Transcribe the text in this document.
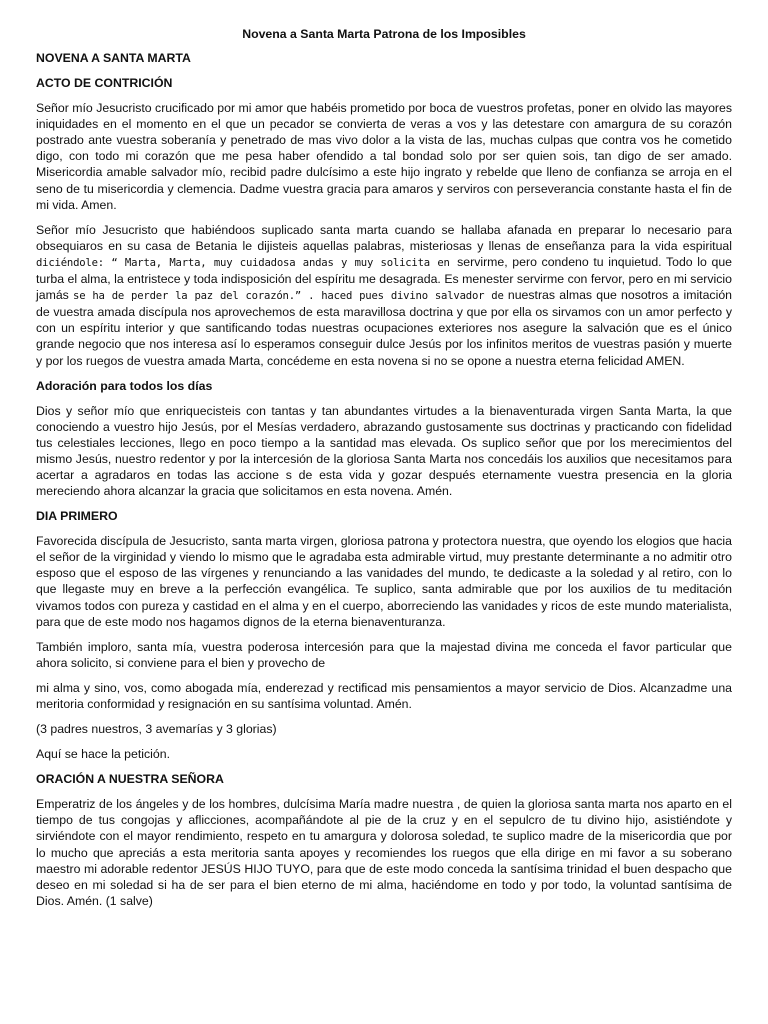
Novena a Santa Marta Patrona de los Imposibles
NOVENA A SANTA MARTA
ACTO DE CONTRICIÓN

Señor mío Jesucristo crucificado por mi amor que habéis prometido por boca de vuestros profetas, poner en olvido las mayores iniquidades en el momento en el que un pecador se convierta de veras a vos y las detestare con amargura de su corazón postrado ante vuestra soberanía y penetrado de mas vivo dolor a la vista de las, muchas culpas que contra vos he cometido digo, con todo mi corazón que me pesa haber ofendido a tal bondad solo por ser quien sois, tan digo de ser amado. Misericordia amable salvador mío, recibid padre dulcísimo a este hijo ingrato y rebelde que lleno de confianza se arroja en el seno de tu misericordia y clemencia. Dadme vuestra gracia para amaros y serviros con perseverancia constante hasta el fin de mi vida. Amen.

Señor mío Jesucristo que habiéndoos suplicado santa marta cuando se hallaba afanada en preparar lo necesario para obsequiaros en su casa de Betania le dijisteis aquellas palabras, misteriosas y llenas de enseñanza para la vida espiritual diciéndole: “ Marta, Marta, muy cuidadosa andas y muy solicita en servirme, pero condeno tu inquietud. Todo lo que turba el alma, la entristece y toda indisposición del espíritu me desagrada. Es menester servirme con fervor, pero en mi servicio jamás se ha de perder la paz del corazón.” . haced pues divino salvador de nuestras almas que nosotros a imitación de vuestra amada discípula nos aprovechemos de esta maravillosa doctrina y que por ella os sirvamos con un amor perfecto y con un espíritu interior y que santificando todas nuestras ocupaciones exteriores nos asegure la salvación que es el único grande negocio que nos interesa así lo esperamos conseguir dulce Jesús por los infinitos meritos de vuestras pasión y muerte y por los ruegos de vuestra amada Marta, concédeme en esta novena si no se opone a nuestra eterna felicidad AMEN.

Adoración para todos los días

Dios y señor mío que enriquecisteis con tantas y tan abundantes virtudes a la bienaventurada virgen Santa Marta, la que conociendo a vuestro hijo Jesús, por el Mesías verdadero, abrazando gustosamente sus doctrinas y practicando con fidelidad tus celestiales lecciones, llego en poco tiempo a la santidad mas elevada. Os suplico señor que por los merecimientos del mismo Jesús, nuestro redentor y por la intercesión de la gloriosa Santa Marta nos concedáis los auxilios que necesitamos para acertar a agradaros en todas las accione s de esta vida y gozar después eternamente vuestra presencia en la gloria mereciendo ahora alcanzar la gracia que solicitamos en esta novena. Amén.

DIA PRIMERO

Favorecida discípula de Jesucristo, santa marta virgen, gloriosa patrona y protectora nuestra, que oyendo los elogios que hacia el señor de la virginidad y viendo lo mismo que le agradaba esta admirable virtud, muy prestante determinante a no admitir otro esposo que el esposo de las vírgenes y renunciando a las vanidades del mundo, te dedicaste a la soledad y al retiro, con lo que llegaste muy en breve a la perfección evangélica. Te suplico, santa admirable que por los auxilios de tu meditación vivamos todos con pureza y castidad en el alma y en el cuerpo, aborreciendo las vanidades y ricos de este mundo materialista, para que de este modo nos hagamos dignos de la eterna bienaventuranza.

También imploro, santa mía, vuestra poderosa intercesión para que la majestad divina me conceda el favor particular que ahora solicito, si conviene para el bien y provecho de

mi alma y sino, vos, como abogada mía, enderezad y rectificad mis pensamientos a mayor servicio de Dios. Alcanzadme una meritoria conformidad y resignación en su santísima voluntad. Amén.

(3 padres nuestros, 3 avemarías y 3 glorias)

Aquí se hace la petición.

ORACIÓN A NUESTRA SEÑORA

Emperatriz de los ángeles y de los hombres, dulcísima María madre nuestra , de quien la gloriosa santa marta nos aparto en el tiempo de tus congojas y aflicciones, acompañándote al pie de la cruz y en el sepulcro de tu divino hijo, asistiéndote y sirviéndote con el mayor rendimiento, respeto en tu amargura y dolorosa soledad, te suplico madre de la misericordia que por lo mucho que apreciás a esta meritoria santa apoyes y recomiendes los ruegos que ella dirige en mi favor a su soberano maestro mi adorable redentor JESÚS HIJO TUYO, para que de este modo conceda la santísima trinidad el buen despacho que deseo en mi soledad si ha de ser para el bien eterno de mi alma, haciéndome en todo y por todo, la voluntad santísima de Dios. Amén. (1 salve)
